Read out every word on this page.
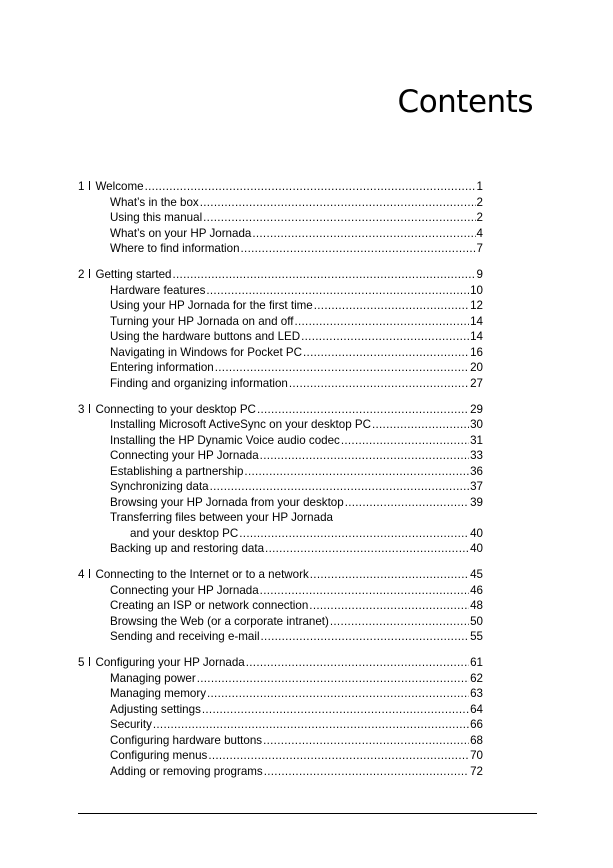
Contents
1 Welcome .....	1
What’s in the box .....	2
Using this manual .....	2
What’s on your HP Jornada .....	4
Where to find information .....	7
2 Getting started .....	9
Hardware features .....	10
Using your HP Jornada for the first time .....	12
Turning your HP Jornada on and off .....	14
Using the hardware buttons and LED .....	14
Navigating in Windows for Pocket PC .....	16
Entering information .....	20
Finding and organizing information .....	27
3 Connecting to your desktop PC .....	29
Installing Microsoft ActiveSync on your desktop PC .....	30
Installing the HP Dynamic Voice audio codec .....	31
Connecting your HP Jornada .....	33
Establishing a partnership .....	36
Synchronizing data .....	37
Browsing your HP Jornada from your desktop .....	39
Transferring files between your HP Jornada
and your desktop PC .....	40
Backing up and restoring data .....	40
4 Connecting to the Internet or to a network .....	45
Connecting your HP Jornada .....	46
Creating an ISP or network connection .....	48
Browsing the Web (or a corporate intranet) .....	50
Sending and receiving e-mail .....	55
5 Configuring your HP Jornada .....	61
Managing power .....	62
Managing memory .....	63
Adjusting settings .....	64
Security .....	66
Configuring hardware buttons .....	68
Configuring menus .....	70
Adding or removing programs .....	72
